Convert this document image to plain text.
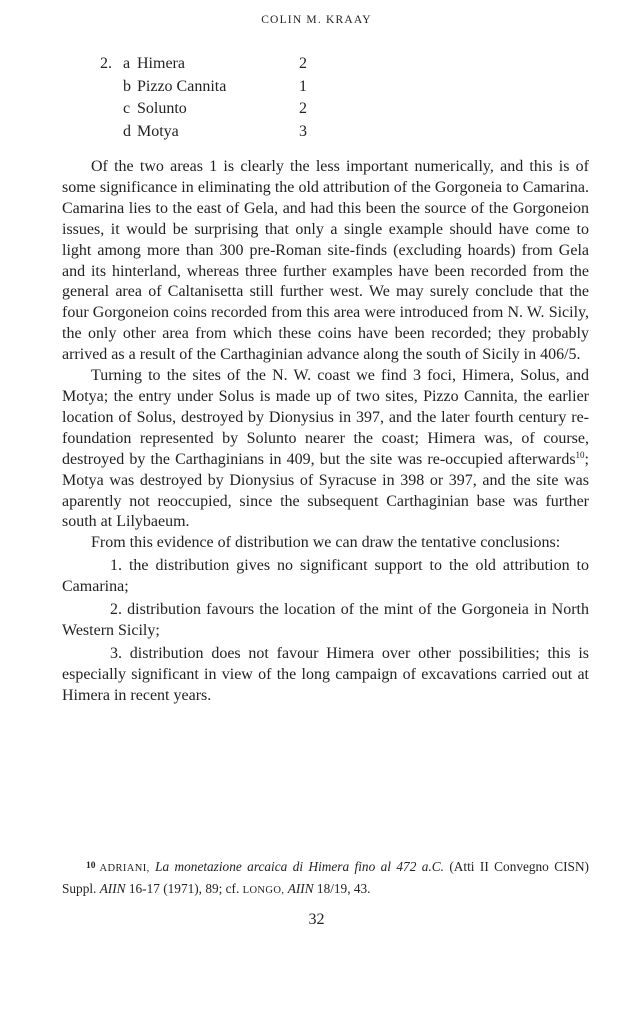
COLIN M. KRAAY
2. a Himera	2
b Pizzo Cannita	1
c Solunto	2
d Motya	3

Of the two areas 1 is clearly the less important numerically, and this is of some significance in eliminating the old attribution of the Gorgoneia to Camarina. Camarina lies to the east of Gela, and had this been the source of the Gorgoneion issues, it would be surprising that only a single example should have come to light among more than 300 pre-Roman site-finds (excluding hoards) from Gela and its hinterland, whereas three further examples have been recorded from the general area of Caltanisetta still further west. We may surely conclude that the four Gorgoneion coins recorded from this area were introduced from N. W. Sicily, the only other area from which these coins have been recorded; they probably arrived as a result of the Carthaginian advance along the south of Sicily in 406/5.

Turning to the sites of the N. W. coast we find 3 foci, Himera, Solus, and Motya; the entry under Solus is made up of two sites, Pizzo Cannita, the earlier location of Solus, destroyed by Dionysius in 397, and the later fourth century re-foundation represented by Solunto nearer the coast; Himera was, of course, destroyed by the Carthaginians in 409, but the site was re-occupied afterwards$^{10}$; Motya was destroyed by Dionysius of Syracuse in 398 or 397, and the site was aparently not reoccupied, since the subsequent Carthaginian base was further south at Lilybaeum.

From this evidence of distribution we can draw the tentative conclusions:

1. the distribution gives no significant support to the old attribution to Camarina;

2. distribution favours the location of the mint of the Gorgoneia in North Western Sicily;

3. distribution does not favour Himera over other possibilities; this is especially significant in view of the long campaign of excavations carried out at Himera in recent years.

$^{10}$ ADRIANI, La monetazione arcaica di Himera fino al 472 a.C. (Atti II Convegno CISN) Suppl. AIIN 16-17 (1971), 89; cf. LONGO, AIIN 18/19, 43.
32
